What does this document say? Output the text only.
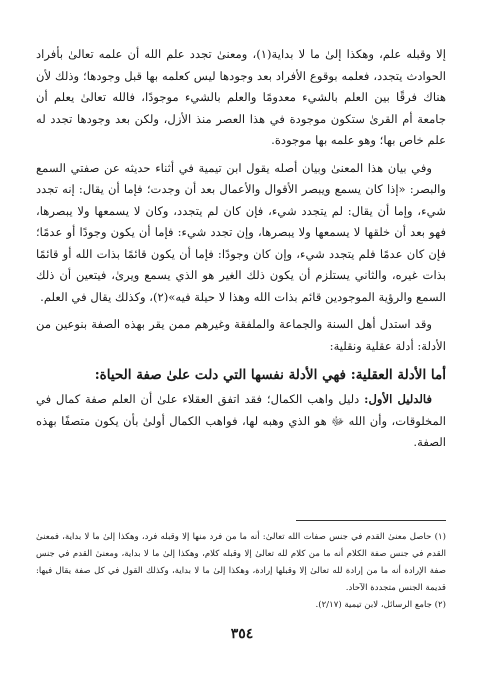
إلا وقبله علم، وهكذا إلىٰ ما لا بداية(١)، ومعنىٰ تجدد علم الله أن علمه تعالىٰ بأفراد الحوادث يتجدد، فعلمه بوقوع الأفراد بعد وجودها ليس كعلمه بها قبل وجودها؛ وذلك لأن هناك فرقًا بين العلم بالشيء معدومًا والعلم بالشيء موجودًا، فالله تعالىٰ يعلم أن جامعة أم القرىٰ ستكون موجودة في هذا العصر منذ الأزل، ولكن بعد وجودها تجدد له علم خاص بها؛ وهو علمه بها موجودة.

وفي بيان هذا المعنىٰ وبيان أصله يقول ابن تيمية في أثناء حديثه عن صفتي السمع والبصر: «إذا كان يسمع ويبصر الأقوال والأعمال بعد أن وجدت؛ فإما أن يقال: إنه تجدد شيء، وإما أن يقال: لم يتجدد شيء، فإن كان لم يتجدد، وكان لا يسمعها ولا يبصرها، فهو بعد أن خلقها لا يسمعها ولا يبصرها، وإن تجدد شيء: فإما أن يكون وجودًا أو عدمًا؛ فإن كان عدمًا فلم يتجدد شيء، وإن كان وجودًا: فإما أن يكون قائمًا بذات الله أو قائمًا بذات غيره، والثاني يستلزم أن يكون ذلك الغير هو الذي يسمع ويرىٰ، فيتعين أن ذلك السمع والرؤية الموجودين قائم بذات الله وهذا لا حيلة فيه»(٢)، وكذلك يقال في العلم.

وقد استدل أهل السنة والجماعة والملفقة وغيرهم ممن يقر بهذه الصفة بنوعين من الأدلة: أدلة عقلية ونقلية:

أما الأدلة العقلية: فهي الأدلة نفسها التي دلت علىٰ صفة الحياة:

فالدليل الأول: دليل واهب الكمال؛ فقد اتفق العقلاء علىٰ أن العلم صفة كمال في المخلوقات، وأن الله ﷻ هو الذي وهبه لها، فواهب الكمال أولىٰ بأن يكون متصفًا بهذه الصفة.

(١) حاصل معنىٰ القدم في جنس صفات الله تعالىٰ: أنه ما من فرد منها إلا وقبله فرد، وهكذا إلىٰ ما لا بداية، فمعنىٰ القدم في جنس صفة الكلام أنه ما من كلام لله تعالىٰ إلا وقبله كلام، وهكذا إلىٰ ما لا بداية، ومعنىٰ القدم في جنس صفة الإرادة أنه ما من إرادة لله تعالىٰ إلا وقبلها إرادة، وهكذا إلىٰ ما لا بداية، وكذلك القول في كل صفة يقال فيها: قديمة الجنس متجددة الآحاد.

(٢) جامع الرسائل، لابن تيمية (٢/١٧).

٣٥٤
